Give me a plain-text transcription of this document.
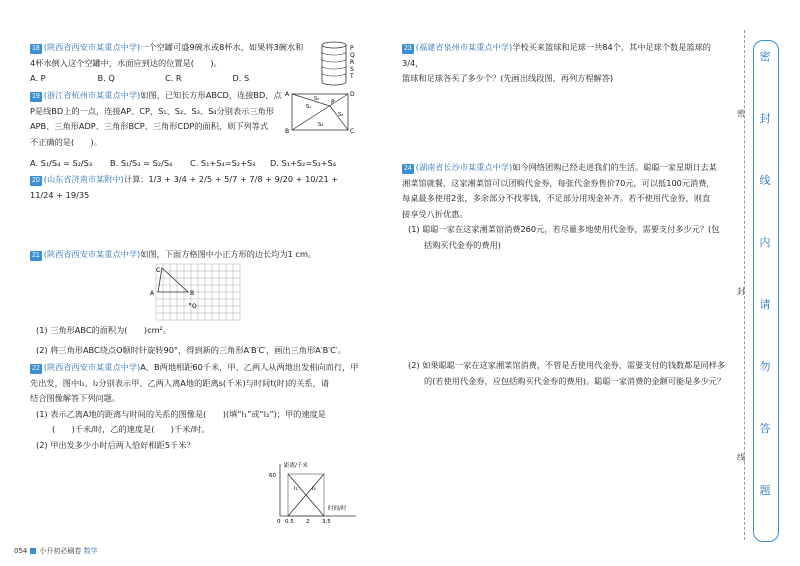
18 (陕西省西安市某重点中学)一个空罐可盛9碗水或8杯水，如果将3碗水和
4杯水倒入这个空罐中，水面应到达的位置是(　　)。
A. P	B. Q	C. R	D. S
P
Q
R
S
T
19 (浙江省杭州市某重点中学)如图，已知长方形ABCD，连接BD，点
P是线BD上的一点，连接AP、CP，S₁、S₂、S₃、S₄分别表示三角形
APB、三角形ADP、三角形BCP、三角形CDP的面积，则下列等式
不正确的是(　　)。
A. S₁/S₄ = S₂/S₃	B. S₁/S₃ = S₂/S₄	C. S₁+S₄=S₂+S₃	D. S₁+S₂=S₃+S₄
A
B	C
D
P
S₁
S₂
S₃
S₄
20 (山东省济南市某附中)计算：1/3 + 3/4 + 2/5 + 5/7 + 7/8 + 9/20 + 10/21 + 11/24 + 19/35
21 (陕西省西安市某重点中学)如图，下面方格图中小正方形的边长均为1 cm。
C
A	B
O
(1) 三角形ABC的面积为(　　)cm²。
(2) 将三角形ABC绕点O顺时针旋转90°，得到新的三角形A′B′C′，画出三角形A′B′C′。
22 (陕西省西安市某重点中学)A、B两地相距60千米，甲、乙两人从两地出发相向而行，甲
先出发，图中l₁、l₂分别表示甲、乙两人离A地的距离s(千米)与时间t(时)的关系，请
结合图像解答下列问题。
(1) 表示乙离A地的距离与时间的关系的图像是(　　)(填“l₁”或“l₂”)；甲的速度是
(　　)千米/时，乙的速度是(　　)千米/时。
(2) 甲出发多少小时后两人恰好相距5千米？
距离/千米
时间/时
60
l₁	l₂
0 0.5 2 3.5
23 (福建省泉州市某重点中学)学校买来篮球和足球一共84个，其中足球个数是篮球的3/4，
篮球和足球各买了多少个？(先画出线段图，再列方程解答)
24 (湖南省长沙市某重点中学)如今网络团购已经走进我们的生活。聪聪一家星期日去某
湘菜馆就餐，这家湘菜馆可以团购代金券，每张代金券售价70元，可以抵100元消费，
每桌最多使用2张，多余部分不找零钱，不足部分用现金补齐。若不使用代金券，则直
接享受八折优惠。
(1) 聪聪一家在这家湘菜馆消费260元，若尽量多地使用代金券，需要支付多少元？(包
括购买代金券的费用)
(2) 如果聪聪一家在这家湘菜馆消费，不管是否使用代金券，需要支付的钱数都是同样多
的(若使用代金券，应包括购买代金券的费用)。聪聪一家消费的金额可能是多少元？
密
封
线
密
封
线
内
请
勿
答
题
054 小升初必刷卷 数学
